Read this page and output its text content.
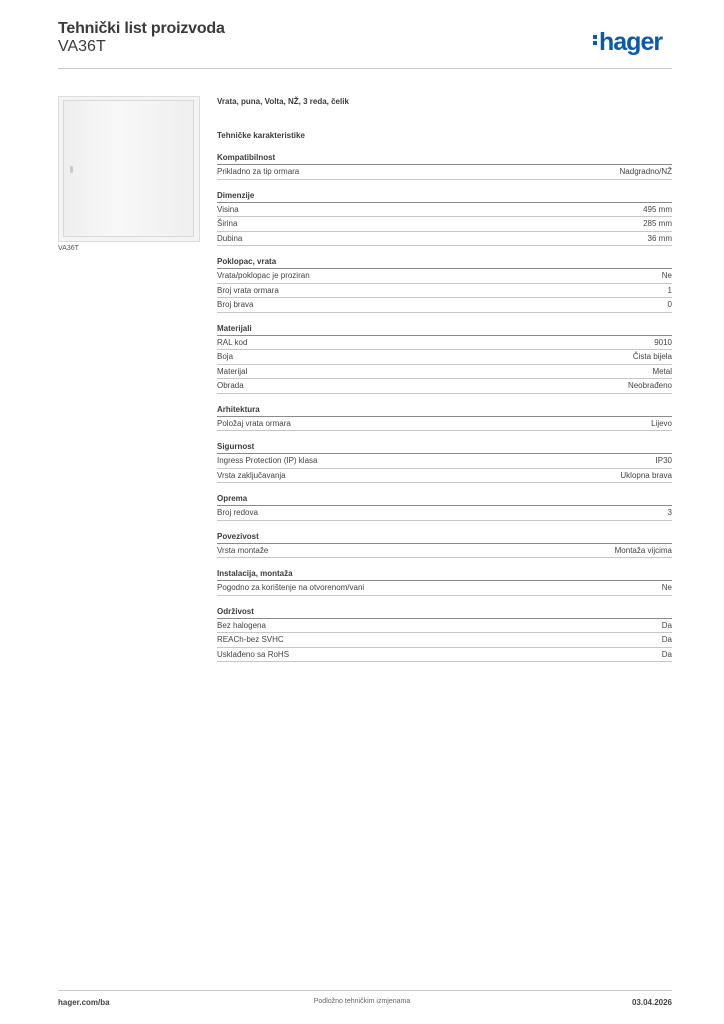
Tehnički list proizvoda
VA36T	hager
VA36T
Vrata, puna, Volta, NŽ, 3 reda, čelik
Tehničke karakteristike
Kompatibilnost
Prikladno za tip ormara	Nadgradno/NŽ
Dimenzije
Visina	495 mm
Širina	285 mm
Dubina	36 mm
Poklopac, vrata
Vrata/poklopac je proziran	Ne
Broj vrata ormara	1
Broj brava	0
Materijali
RAL kod	9010
Boja	Čista bijela
Materijal	Metal
Obrada	Neobrađeno
Arhitektura
Položaj vrata ormara	Lijevo
Sigurnost
Ingress Protection (IP) klasa	IP30
Vrsta zaključavanja	Uklopna brava
Oprema
Broj redova	3
Povezivost
Vrsta montaže	Montaža vijcima
Instalacija, montaža
Pogodno za korištenje na otvorenom/vani	Ne
Održivost
Bez halogena	Da
REACh-bez SVHC	Da
Usklađeno sa RoHS	Da
hager.com/ba	Podložno tehničkim izmjenama	03.04.2026
